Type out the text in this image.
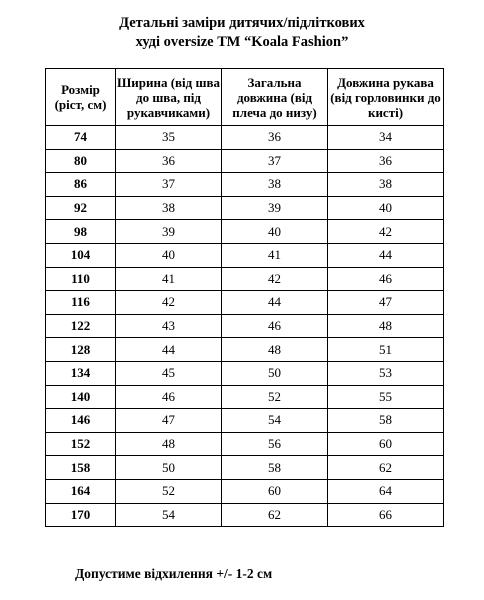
Детальні заміри дитячих/підліткових
худі oversize ТМ “Koala Fashion”
Розмір (ріст, см)	Ширина (від шва до шва, під рукавчиками)	Загальна довжина (від плеча до низу)	Довжина рукава (від горловинки до кисті)
74	35	36	34
80	36	37	36
86	37	38	38
92	38	39	40
98	39	40	42
104	40	41	44
110	41	42	46
116	42	44	47
122	43	46	48
128	44	48	51
134	45	50	53
140	46	52	55
146	47	54	58
152	48	56	60
158	50	58	62
164	52	60	64
170	54	62	66
Допустиме відхилення +/- 1-2 см
